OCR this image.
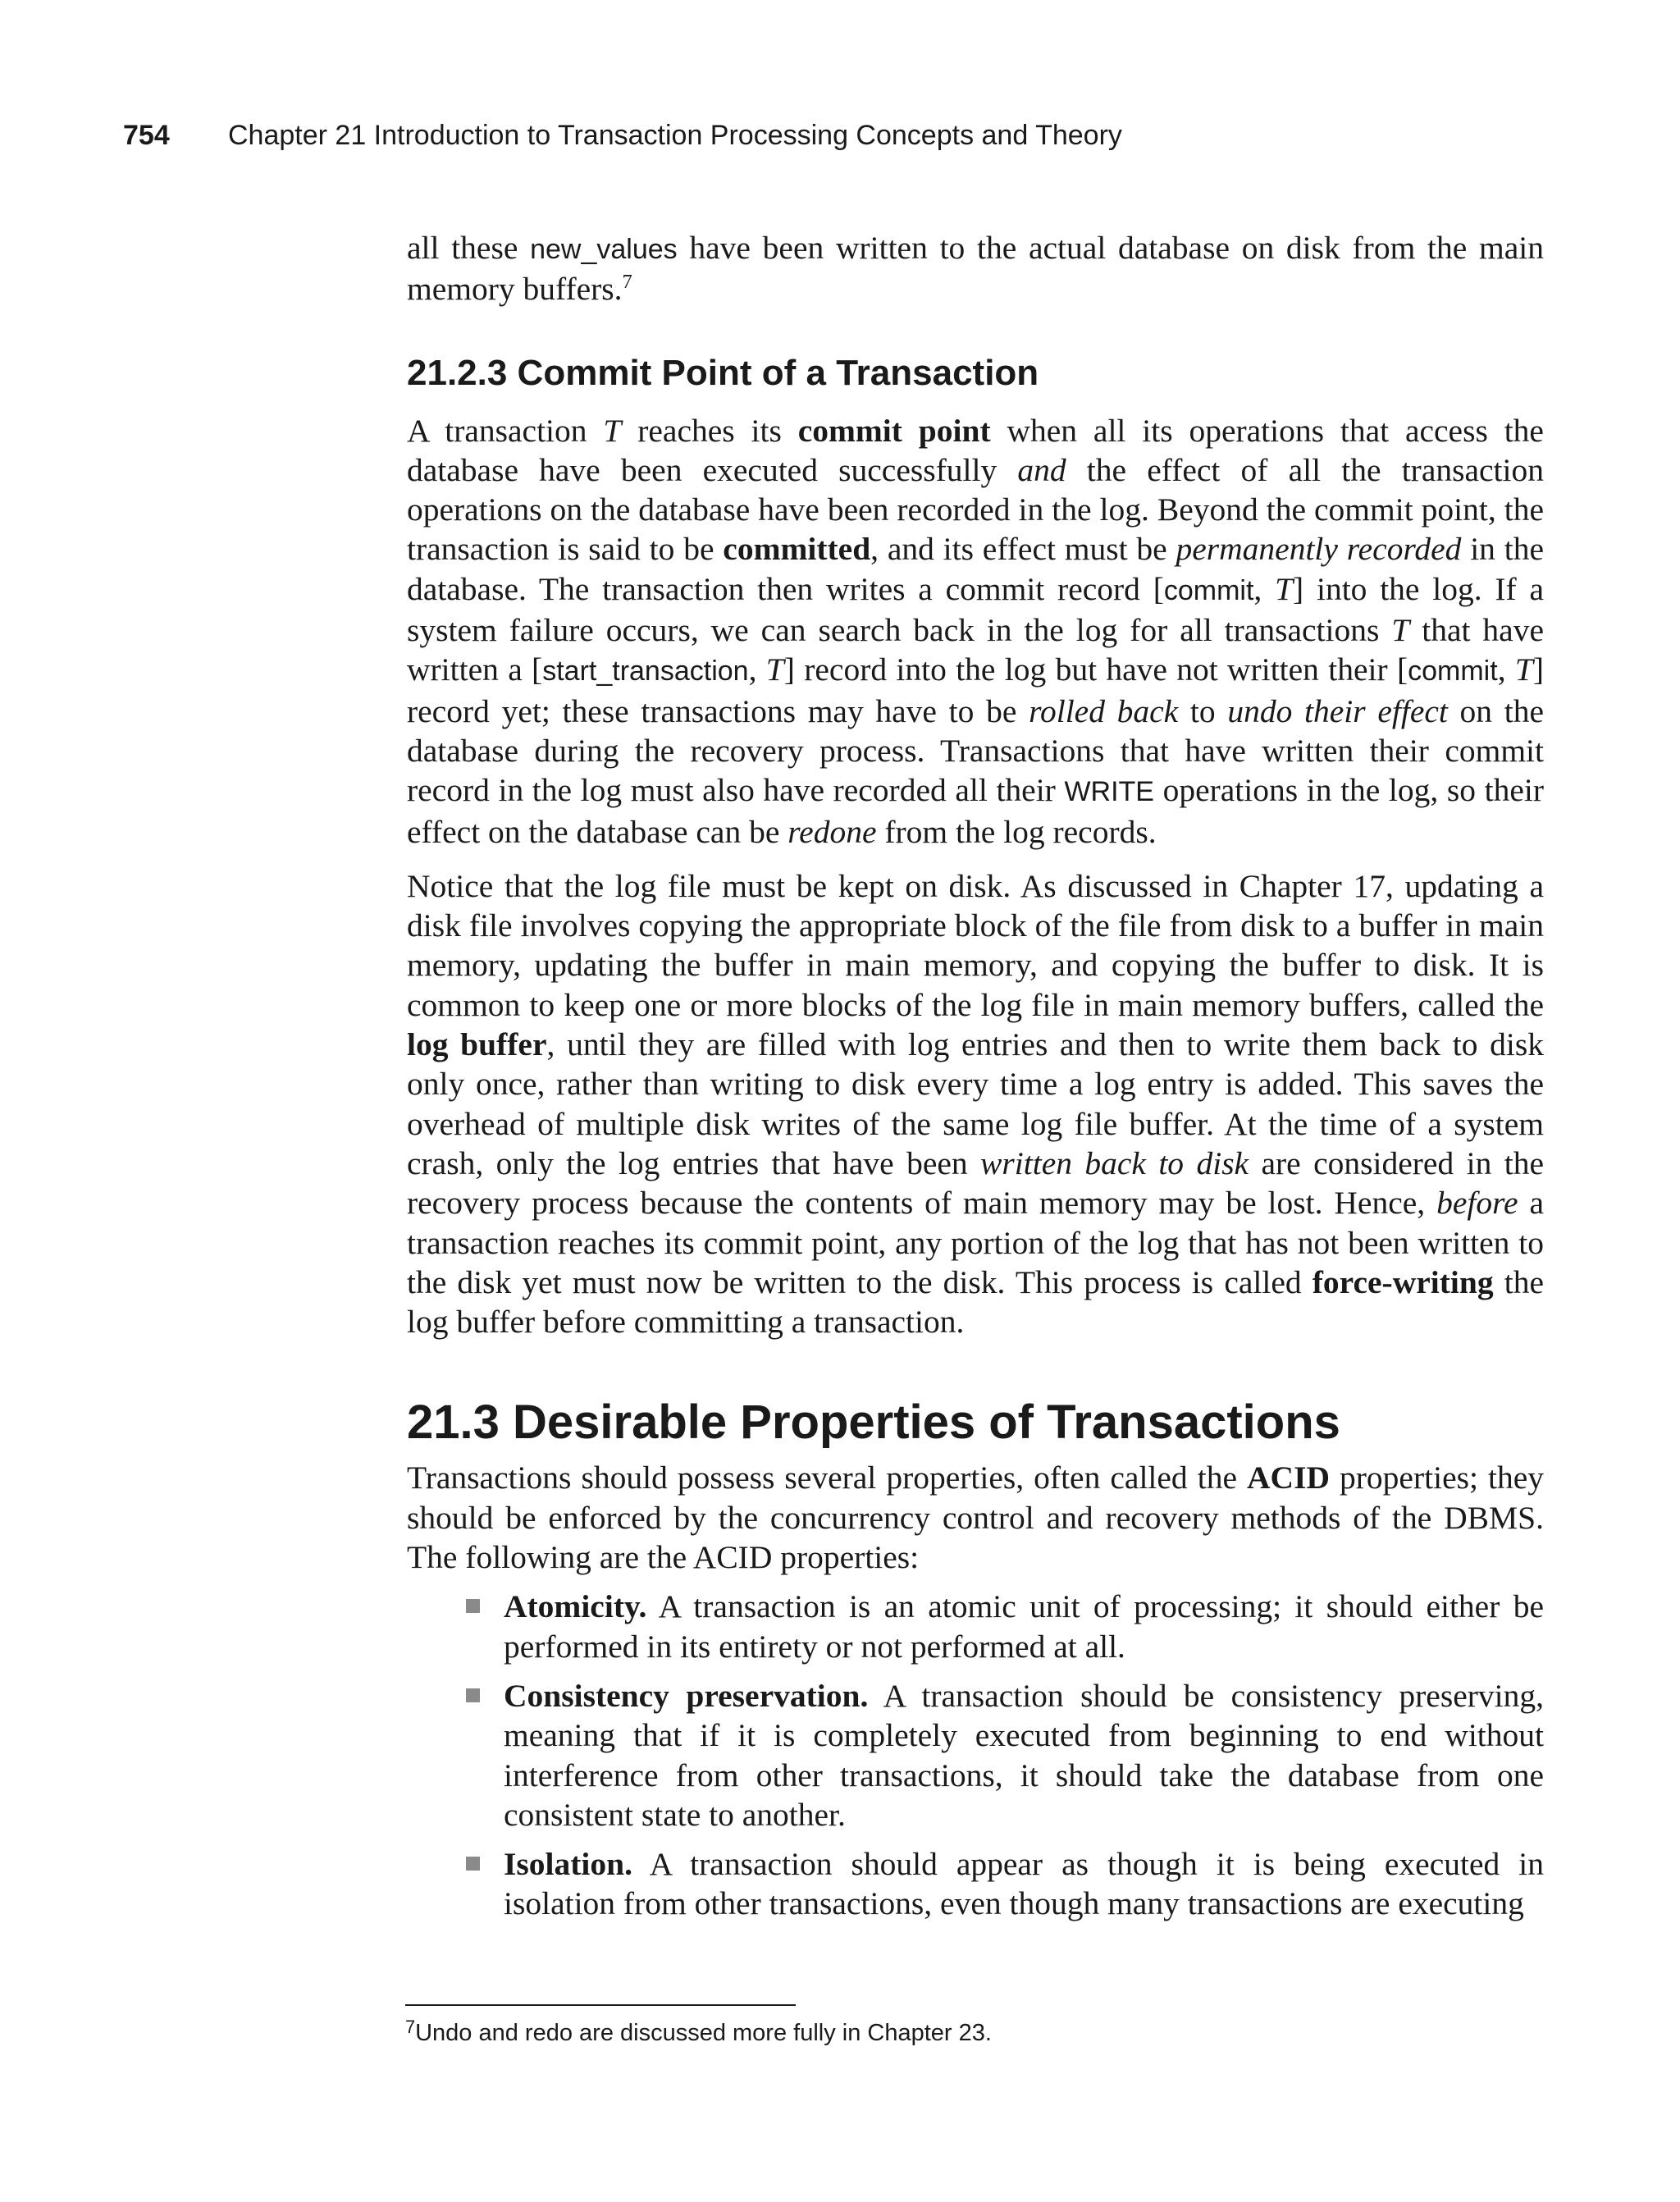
754 Chapter 21 Introduction to Transaction Processing Concepts and Theory

all these new_values have been written to the actual database on disk from the main memory buffers.$^7$

21.2.3 Commit Point of a Transaction

A transaction T reaches its commit point when all its operations that access the database have been executed successfully and the effect of all the transaction operations on the database have been recorded in the log. Beyond the commit point, the transaction is said to be committed, and its effect must be permanently recorded in the database. The transaction then writes a commit record [commit, T] into the log. If a system failure occurs, we can search back in the log for all transactions T that have written a [start_transaction, T] record into the log but have not written their [commit, T] record yet; these transactions may have to be rolled back to undo their effect on the database during the recovery process. Transactions that have written their commit record in the log must also have recorded all their WRITE operations in the log, so their effect on the database can be redone from the log records.

Notice that the log file must be kept on disk. As discussed in Chapter 17, updating a disk file involves copying the appropriate block of the file from disk to a buffer in main memory, updating the buffer in main memory, and copying the buffer to disk. It is common to keep one or more blocks of the log file in main memory buffers, called the log buffer, until they are filled with log entries and then to write them back to disk only once, rather than writing to disk every time a log entry is added. This saves the overhead of multiple disk writes of the same log file buffer. At the time of a system crash, only the log entries that have been written back to disk are considered in the recovery process because the contents of main memory may be lost. Hence, before a transaction reaches its commit point, any portion of the log that has not been written to the disk yet must now be written to the disk. This process is called force-writing the log buffer before committing a transaction.

21.3 Desirable Properties of Transactions

Transactions should possess several properties, often called the ACID properties; they should be enforced by the concurrency control and recovery methods of the DBMS. The following are the ACID properties:

Atomicity. A transaction is an atomic unit of processing; it should either be performed in its entirety or not performed at all.
Consistency preservation. A transaction should be consistency preserving, meaning that if it is completely executed from beginning to end without interference from other transactions, it should take the database from one consistent state to another.
Isolation. A transaction should appear as though it is being executed in isolation from other transactions, even though many transactions are executing
$^7$Undo and redo are discussed more fully in Chapter 23.
